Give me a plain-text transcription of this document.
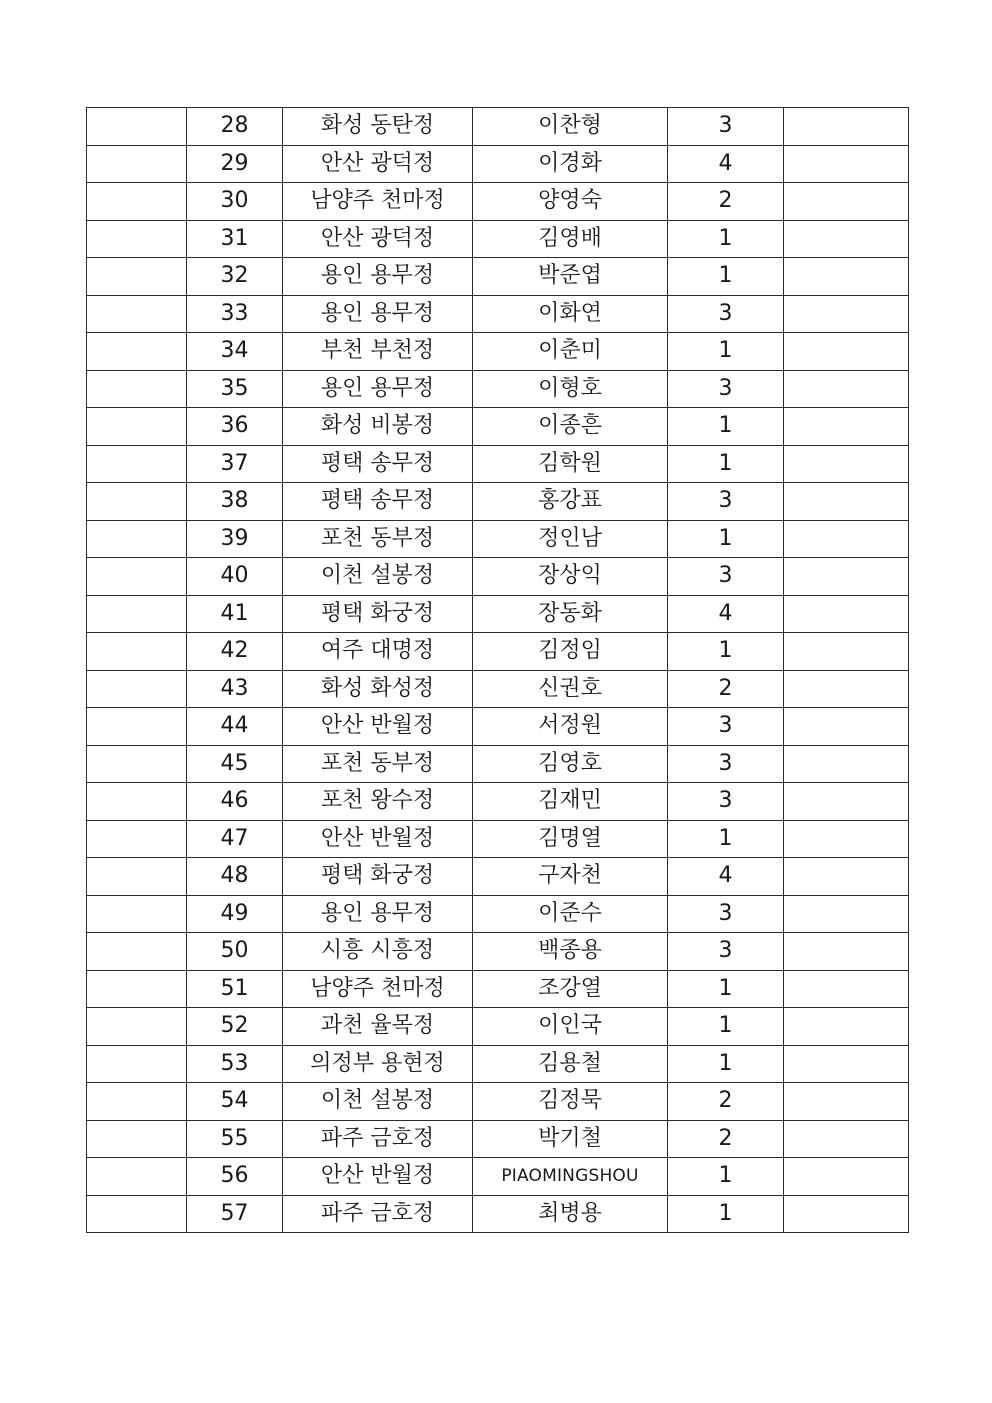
	28	화성 동탄정	이찬형	3	
	29	안산 광덕정	이경화	4	
	30	남양주 천마정	양영숙	2	
	31	안산 광덕정	김영배	1	
	32	용인 용무정	박준엽	1	
	33	용인 용무정	이화연	3	
	34	부천 부천정	이춘미	1	
	35	용인 용무정	이형호	3	
	36	화성 비봉정	이종흔	1	
	37	평택 송무정	김학원	1	
	38	평택 송무정	홍강표	3	
	39	포천 동부정	정인남	1	
	40	이천 설봉정	장상익	3	
	41	평택 화궁정	장동화	4	
	42	여주 대명정	김정임	1	
	43	화성 화성정	신권호	2	
	44	안산 반월정	서정원	3	
	45	포천 동부정	김영호	3	
	46	포천 왕수정	김재민	3	
	47	안산 반월정	김명열	1	
	48	평택 화궁정	구자천	4	
	49	용인 용무정	이준수	3	
	50	시흥 시흥정	백종용	3	
	51	남양주 천마정	조강열	1	
	52	과천 율목정	이인국	1	
	53	의정부 용현정	김용철	1	
	54	이천 설봉정	김정묵	2	
	55	파주 금호정	박기철	2	
	56	안산 반월정	PIAOMINGSHOU	1	
	57	파주 금호정	최병용	1	
